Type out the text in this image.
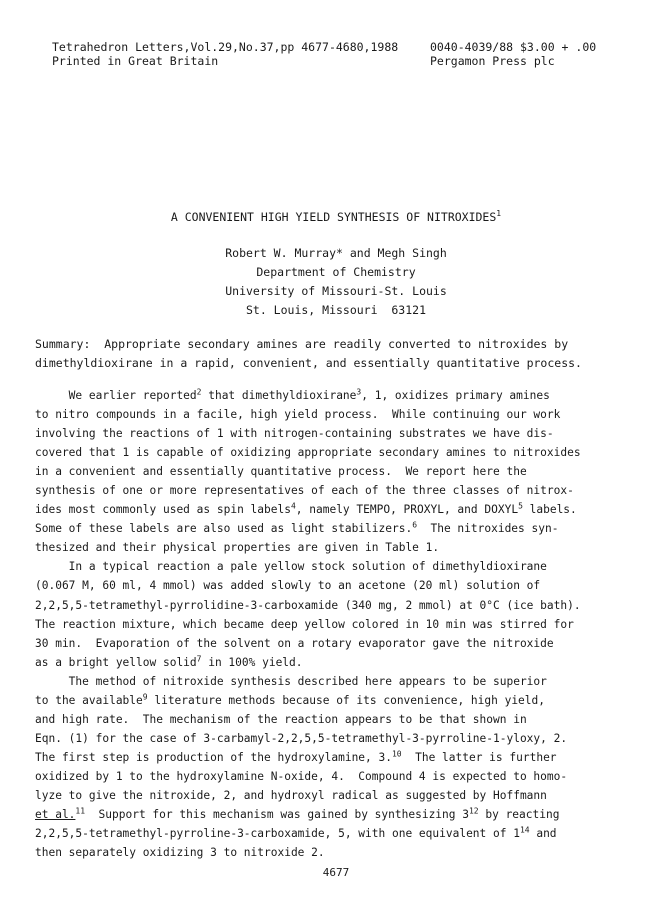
Tetrahedron Letters,Vol.29,No.37,pp 4677-4680,1988
Printed in Great Britain
0040-4039/88 $3.00 + .00
Pergamon Press plc
A CONVENIENT HIGH YIELD SYNTHESIS OF NITROXIDES$^1$
Robert W. Murray* and Megh Singh
Department of Chemistry
University of Missouri-St. Louis
St. Louis, Missouri  63121
Summary:  Appropriate secondary amines are readily converted to nitroxides by
dimethyldioxirane in a rapid, convenient, and essentially quantitative process.
We earlier reported$^2$ that dimethyldioxirane$^3$, 1, oxidizes primary amines
to nitro compounds in a facile, high yield process.  While continuing our work
involving the reactions of 1 with nitrogen-containing substrates we have dis-
covered that 1 is capable of oxidizing appropriate secondary amines to nitroxides
in a convenient and essentially quantitative process.  We report here the
synthesis of one or more representatives of each of the three classes of nitrox-
ides most commonly used as spin labels$^4$, namely TEMPO, PROXYL, and DOXYL$^5$ labels.
Some of these labels are also used as light stabilizers.$^6$  The nitroxides syn-
thesized and their physical properties are given in Table 1.
In a typical reaction a pale yellow stock solution of dimethyldioxirane
(0.067 M, 60 ml, 4 mmol) was added slowly to an acetone (20 ml) solution of
2,2,5,5-tetramethyl-pyrrolidine-3-carboxamide (340 mg, 2 mmol) at 0°C (ice bath).
The reaction mixture, which became deep yellow colored in 10 min was stirred for
30 min.  Evaporation of the solvent on a rotary evaporator gave the nitroxide
as a bright yellow solid$^7$ in 100% yield.
The method of nitroxide synthesis described here appears to be superior
to the available$^9$ literature methods because of its convenience, high yield,
and high rate.  The mechanism of the reaction appears to be that shown in
Eqn. (1) for the case of 3-carbamyl-2,2,5,5-tetramethyl-3-pyrroline-1-yloxy, 2.
The first step is production of the hydroxylamine, 3.10  The latter is further
oxidized by 1 to the hydroxylamine N-oxide, 4.  Compound 4 is expected to homo-
lyze to give the nitroxide, 2, and hydroxyl radical as suggested by Hoffmann
et al.$^{11}$  Support for this mechanism was gained by synthesizing $3^{12}$ by reacting
2,2,5,5-tetramethyl-pyrroline-3-carboxamide, 5, with one equivalent of $1^{14}$ and
then separately oxidizing 3 to nitroxide 2.
4677
